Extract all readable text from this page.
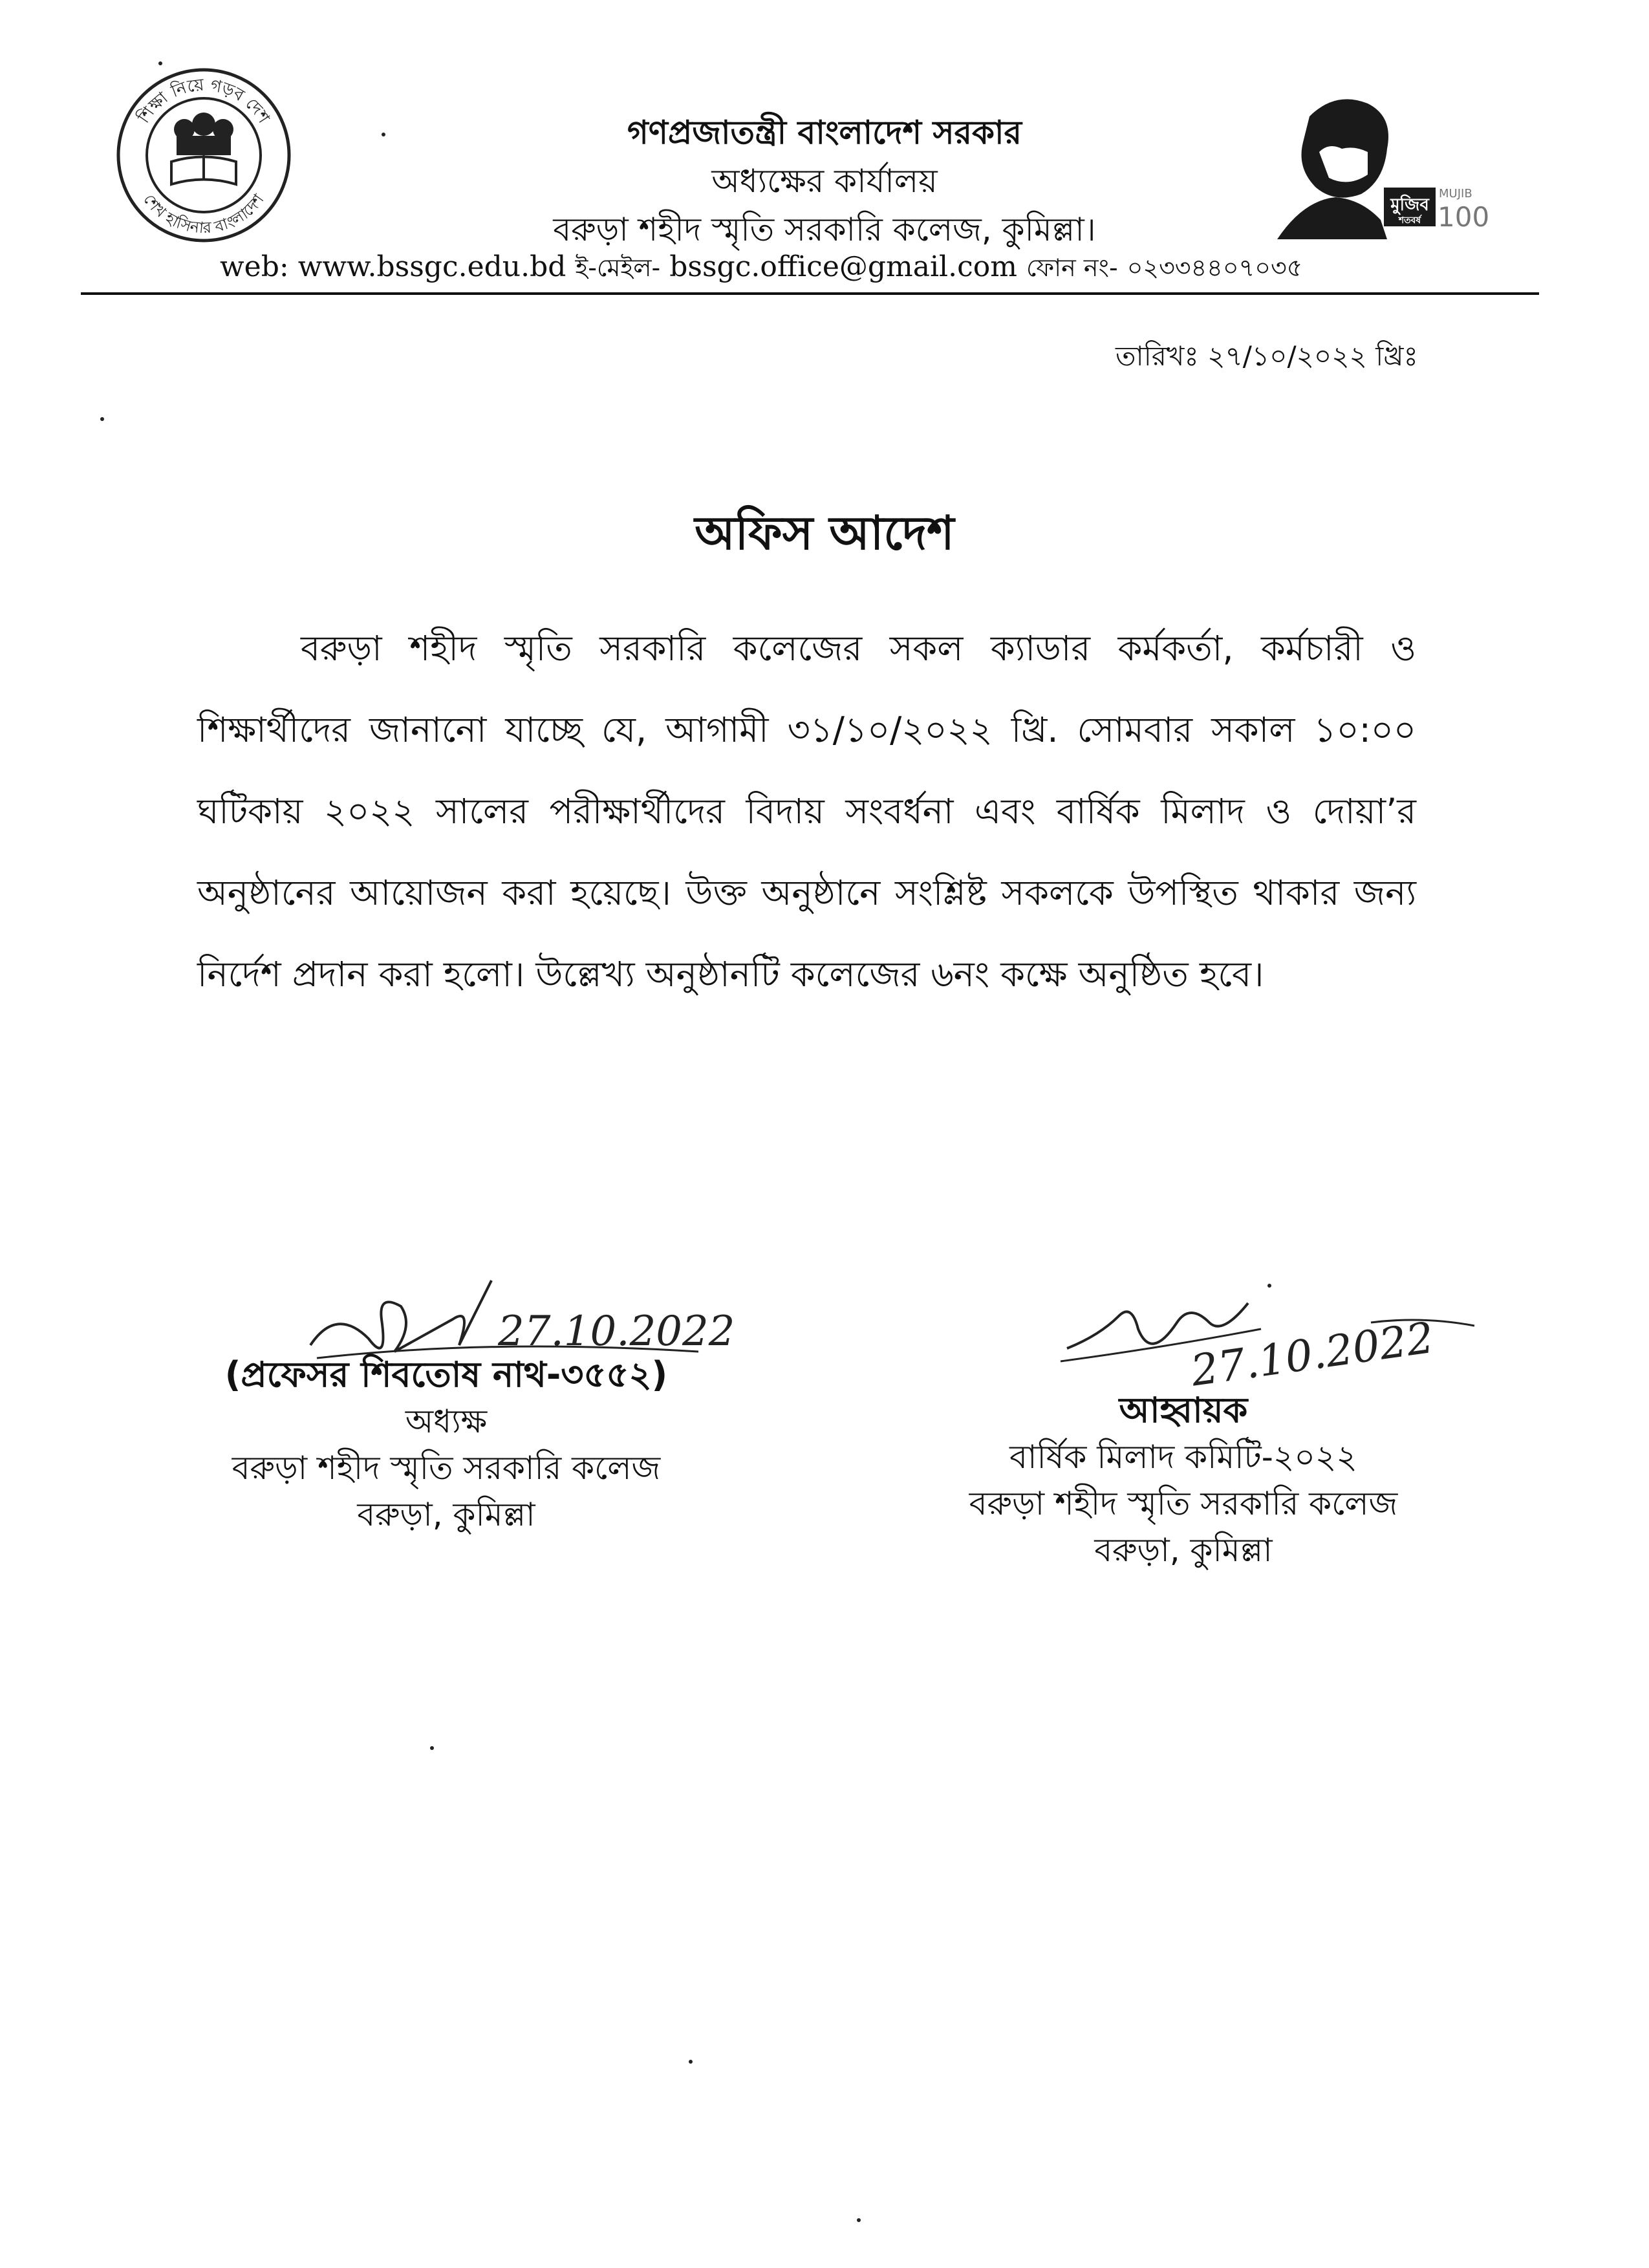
শিক্ষা নিয়ে গড়ব দেশ
শেখ হাসিনার বাংলাদেশ	মুজিব
শতবর্ষ
MUJIB
100
গণপ্রজাতন্ত্রী বাংলাদেশ সরকার
অধ্যক্ষের কার্যালয়
বরুড়া শহীদ স্মৃতি সরকারি কলেজ, কুমিল্লা।
web: www.bssgc.edu.bd ই-মেইল- bssgc.office@gmail.com ফোন নং- ০২৩৩৪৪০৭০৩৫
তারিখঃ ২৭/১০/২০২২ খ্রিঃ
অফিস আদেশ
বরুড়া শহীদ স্মৃতি সরকারি কলেজের সকল ক্যাডার কর্মকর্তা, কর্মচারী ও শিক্ষার্থীদের জানানো যাচ্ছে যে, আগামী ৩১/১০/২০২২ খ্রি. সোমবার সকাল ১০:০০ ঘটিকায় ২০২২ সালের পরীক্ষার্থীদের বিদায় সংবর্ধনা এবং বার্ষিক মিলাদ ও দোয়া’র অনুষ্ঠানের আয়োজন করা হয়েছে। উক্ত অনুষ্ঠানে সংশ্লিষ্ট সকলকে উপস্থিত থাকার জন্য নির্দেশ প্রদান করা হলো। উল্লেখ্য অনুষ্ঠানটি কলেজের ৬নং কক্ষে অনুষ্ঠিত হবে।
27.10.2022	27.10.2022
(প্রফেসর শিবতোষ নাথ-৩৫৫২)
অধ্যক্ষ
বরুড়া শহীদ স্মৃতি সরকারি কলেজ
বরুড়া, কুমিল্লা
আহ্বায়ক
বার্ষিক মিলাদ কমিটি-২০২২
বরুড়া শহীদ স্মৃতি সরকারি কলেজ
বরুড়া, কুমিল্লা
